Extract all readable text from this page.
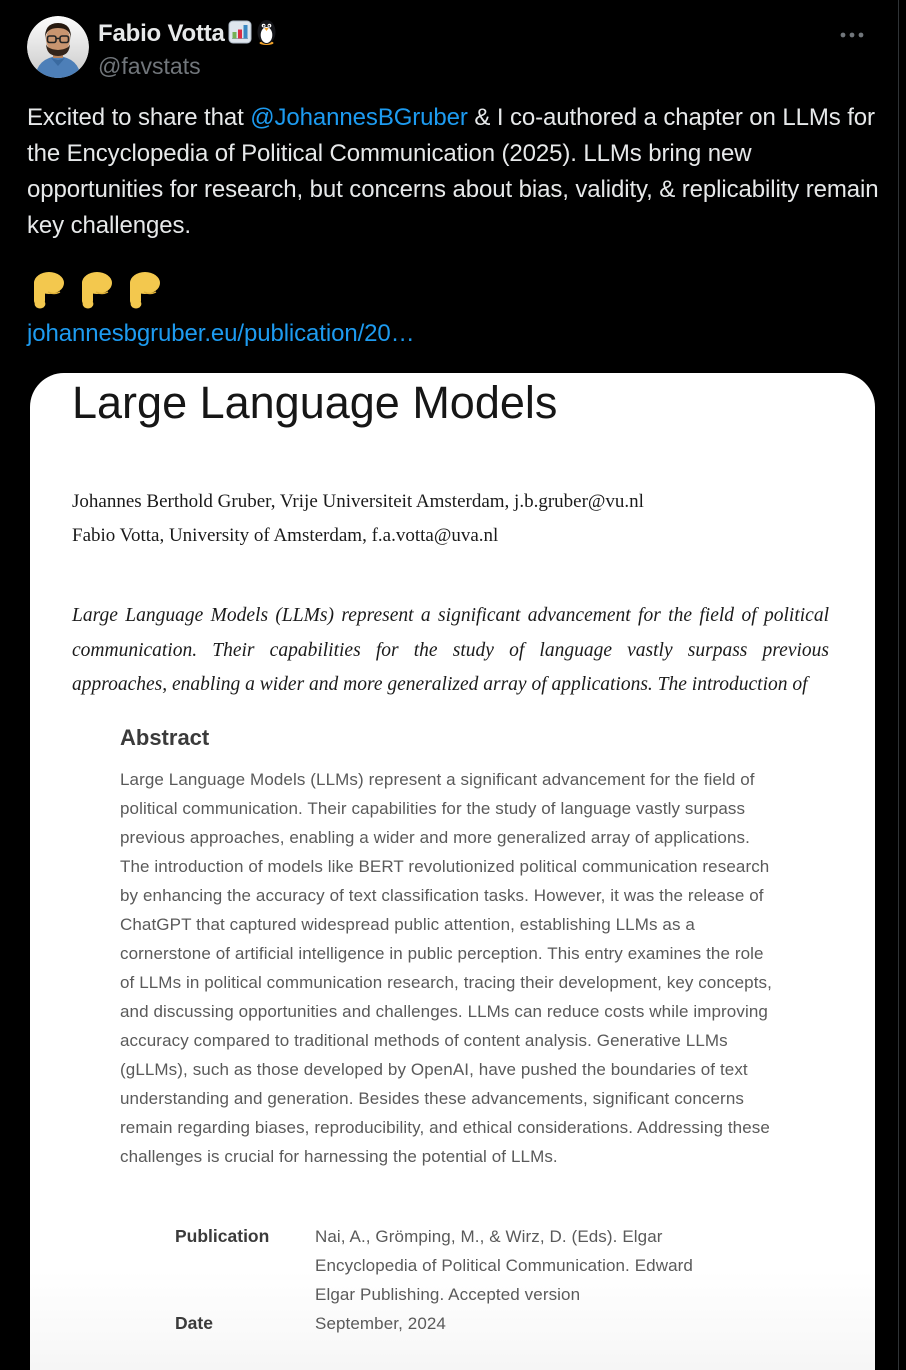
Fabio Votta
@favstats
Excited to share that @JohannesBGruber & I co-authored a chapter on LLMs for the Encyclopedia of Political Communication (2025). LLMs bring new opportunities for research, but concerns about bias, validity, & replicability remain key challenges.
johannesbgruber.eu/publication/20…
Large Language Models
Johannes Berthold Gruber, Vrije Universiteit Amsterdam, j.b.gruber@vu.nl
Fabio Votta, University of Amsterdam, f.a.votta@uva.nl
Large Language Models (LLMs) represent a significant advancement for the field of political
communication. Their capabilities for the study of language vastly surpass previous
approaches, enabling a wider and more generalized array of applications. The introduction of
Abstract
Large Language Models (LLMs) represent a significant advancement for the field of political communication. Their capabilities for the study of language vastly surpass previous approaches, enabling a wider and more generalized array of applications. The introduction of models like BERT revolutionized political communication research by enhancing the accuracy of text classification tasks. However, it was the release of ChatGPT that captured widespread public attention, establishing LLMs as a cornerstone of artificial intelligence in public perception. This entry examines the role of LLMs in political communication research, tracing their development, key concepts, and discussing opportunities and challenges. LLMs can reduce costs while improving accuracy compared to traditional methods of content analysis. Generative LLMs (gLLMs), such as those developed by OpenAI, have pushed the boundaries of text understanding and generation. Besides these advancements, significant concerns remain regarding biases, reproducibility, and ethical considerations. Addressing these challenges is crucial for harnessing the potential of LLMs.
Publication	Nai, A., Grömping, M., & Wirz, D. (Eds). Elgar Encyclopedia of Political Communication. Edward Elgar Publishing. Accepted version
Date	September, 2024
